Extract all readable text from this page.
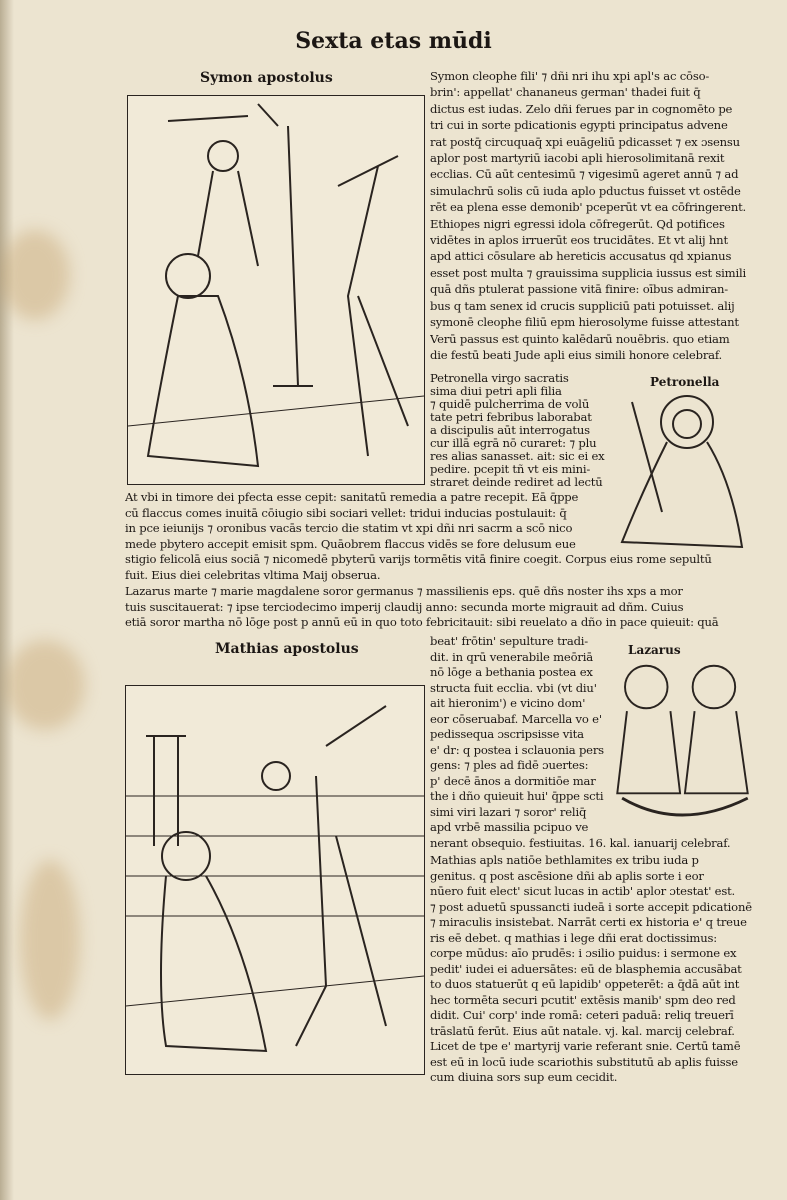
Sexta etas mūdi
Symon apostolus	Symon cleophe fili' ⁊ dñi nri ihu xpi apl's ac cōso-
brin': appellat' chananeus german' thadei fuit q̄
dictus est iudas. Zelo dñi ferues par in cognomēto pe
tri cui in sorte pdicationis egypti principatus advene
rat postq̄ circuquaq̄ xpi euāgeliū pdicasset ⁊ ex ɔsensu
aplor post martyriū iacobi apli hierosolimitanā rexit
ecclias. Cū aūt centesimū ⁊ vigesimū ageret annū ⁊ ad
simulachrū solis cū iuda aplo pductus fuisset vt ostēde
rēt ea plena esse demonib' pceperūt vt ea cōfringerent.
Ethiopes nigri egressi idola cōfregerūt. Qd potifices
vidētes in aplos irruerūt eos trucidātes. Et vt alij hnt
apd attici cōsulare ab hereticis accusatus qd xpianus
esset post multa ⁊ grauissima supplicia iussus est simili
quā dñs ptulerat passione vitā finire: oībus admiran-
bus q tam senex id crucis suppliciū pati potuisset. alij
symonē cleophe filiū epm hierosolyme fuisse attestant
Verū passus est quinto kalēdarū nouēbris. quo etiam
die festū beati Jude apli eius simili honore celebraf.
Petronella virgo sacratis
sima diui petri apli filia
⁊ quidē pulcherrima de volū
tate petri febribus laborabat
a discipulis aūt interrogatus
cur illā egrā nō curaret: ⁊ plu
res alias sanasset. ait: sic ei ex
pedire. pcepit tñ vt eis mini-
straret deinde rediret ad lectū
Petronella
At vbi in timore dei pfecta esse cepit: sanitatū remedia a patre recepit. Eā q̄ppe
cū flaccus comes inuitā cōiugio sibi sociari vellet: tridui inducias postulauit: q̄
in pce ieiunijs ⁊ oronibus vacās tercio die statim vt xpi dñi nri sacrm a scō nico
mede pbytero accepit emisit spm. Quāobrem flaccus vidēs se fore delusum eue
stigio felicolā eius sociā ⁊ nicomedē pbyterū varijs tormētis vitā finire coegit. Corpus eius rome sepultū
fuit. Eius diei celebritas vltima Maij obserua.
Lazarus marte ⁊ marie magdalene soror germanus ⁊ massilienis eps. quē dñs noster ihs xps a mor
tuis suscitauerat: ⁊ ipse terciodecimo imperij claudij anno: secunda morte migrauit ad dñm. Cuius
etiā soror martha nō lōge post p annū eū in quo toto febricitauit: sibi reuelato a dño in pace quieuit: quā
Mathias apostolus	beat' frōtin' sepulture tradi-
dit. in qrū venerabile meōriā
nō lōge a bethania postea ex
structa fuit ecclia. vbi (vt diu'
ait hieronim') e vicino dom'
eor cōseruabaf. Marcella vo e'
pedissequa ɔscripsisse vita
e' dr: q postea i sclauonia pers
gens: ⁊ ples ad fidē ɔuertes:
p' decē ānos a dormitiōe mar
the i dño quieuit hui' q̄ppe scti
simi viri lazari ⁊ soror' reliq̄
apd vrbē massilia pcipuo ve
nerant obsequio. festiuitas. 16. kal. ianuarij celebraf.
Lazarus
Mathias apls natiōe bethlamites ex tribu iuda p
genitus. q post ascēsione dñi ab aplis sorte i eor
nūero fuit elect' sicut lucas in actib' aplor ɔtestat' est.
⁊ post aduetū spussancti iudeā i sorte accepit pdicationē
⁊ miraculis insistebat. Narrāt certi ex historia e' q treue
ris eē debet. q mathias i lege dñi erat doctissimus:
corpe mūdus: aīo prudēs: i ɔsilio puidus: i sermone ex
pedit' iudei ei aduersātes: eū de blasphemia accusābat
to duos statuerūt q eū lapidib' oppeterēt: a q̄dā aūt int
hec tormēta securi pcutit' extēsis manib' spm deo red
didit. Cui' corp' inde romā: ceteri paduā: reliq treuerī
trāslatū ferūt. Eius aūt natale. vj. kal. marcij celebraf.
Licet de tpe e' martyrij varie referant snie. Certū tamē
est eū in locū iude scariothis substitutū ab aplis fuisse
cum diuina sors sup eum cecidit.
